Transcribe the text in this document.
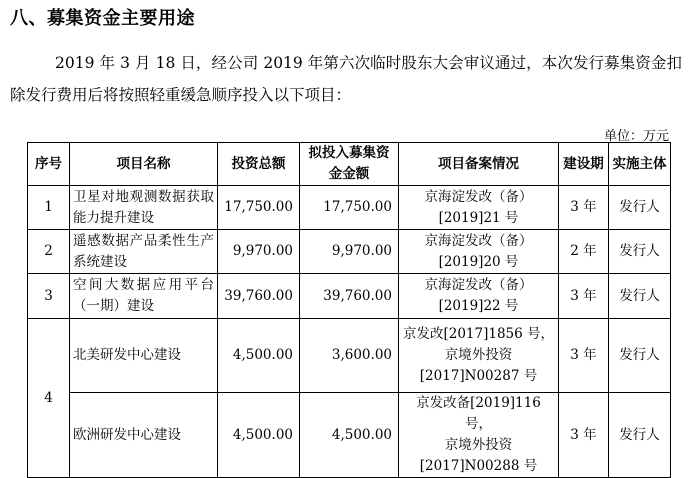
八、募集资金主要用途
2019 年 3 月 18 日，经公司 2019 年第六次临时股东大会审议通过，本次发行募集资金扣除发行费用后将按照轻重缓急顺序投入以下项目：
单位：万元
序号	项目名称	投资总额	拟投入募集资金金额	项目备案情况	建设期	实施主体
1	卫星对地观测数据获取能力提升建设	17,750.00	17,750.00	京海淀发改（备）
[2019]21 号	3 年	发行人
2	遥感数据产品柔性生产系统建设	9,970.00	9,970.00	京海淀发改（备）
[2019]20 号	2 年	发行人
3	空间大数据应用平台（一期）建设	39,760.00	39,760.00	京海淀发改（备）
[2019]22 号	3 年	发行人
4	北美研发中心建设	4,500.00	3,600.00	京发改[2017]1856 号，
京境外投资
[2017]N00287 号	3 年	发行人
	欧洲研发中心建设	4,500.00	4,500.00	京发改备[2019]116 号，
京境外投资
[2017]N00288 号	3 年	发行人
